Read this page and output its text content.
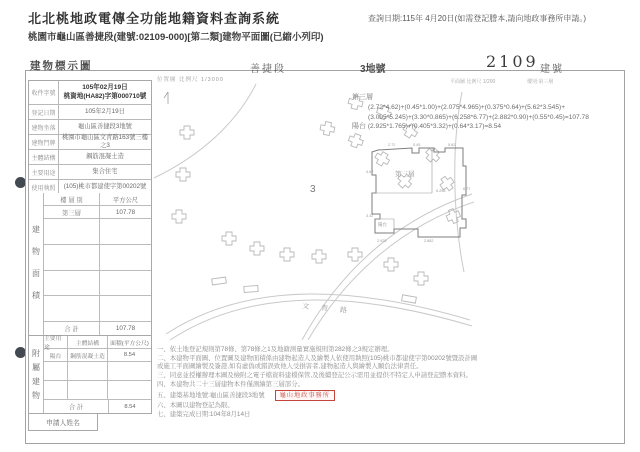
北北桃地政電傳全功能地籍資料查詢系統
桃園市龜山區善捷段(建號:02109-000)[第二類]建物平面圖(已縮小列印)
查詢日期:115年 4月20日(如需登記謄本,請向地政事務所申請。)
建物標示圖	善捷段	3地號	2109 建號
位置圖 比例尺 1/3000	平面圖 比例尺 1/200	樓別:第三層
收件字號
105年02月19日
桃資地(HA82)字第000710號
登記日期	105年2月19日
建物坐落	龜山區善捷段3地號
建物門牌
桃園市龜山區文青路163號三樓之3
主體結構	鋼筋混凝土造
主要用途	集合住宅
使用執照	(105)桃市都建使字第00202號
建物面積
樓 層 別	平方公尺
第三層	107.78
合 計	107.78
附屬建物
主要用途
主體結構	面積(平方公尺)
陽台	鋼筋混凝土造	8.54
合 計	8.54
申請人姓名
3
文青路
第三層
(2.72*4.62)+(0.45*1.00)+(2.075*4.965)+(0.375*0.64)+(5.62*3.545)+
(3.095*5.245)+(3.30*0.865)+(6.258*6.77)+(2.882*0.90)+(0.55*0.45)=107.78
陽台 (2.925*1.765)+(0.405*3.32)+(0.64*3.17)=8.54
第三層
陽台
2.72	0.45	5.62
4.62
6.77
6.258
2.882
2.925
3.32
一、依土地登記規則第78條、第78條之1及地籍測量實施規則第282條之3規定辦理。
二、本建物平面圖、位置圖及建物面積係由建物起造人及繪製人依使用執照(105)桃市都建使字第00202號暨設計圖或施工平面圖繪製及簽證,如有虛偽或錯誤致他人受損害者,建物起造人與繪製人願負法律責任。
三、同意並授權辦理本圖及檢附之電子檔資料建檔保管,及後續登記公示需用並提供不特定人申請登記謄本資料。
四、本建物共二十三層建物本件僅測繪第三層部分。
五、建築基地地號:龜山區善捷段3地號 龜山地政事務所
六、本圖以建物登記為限。
七、建築完成日期:104年8月14日
